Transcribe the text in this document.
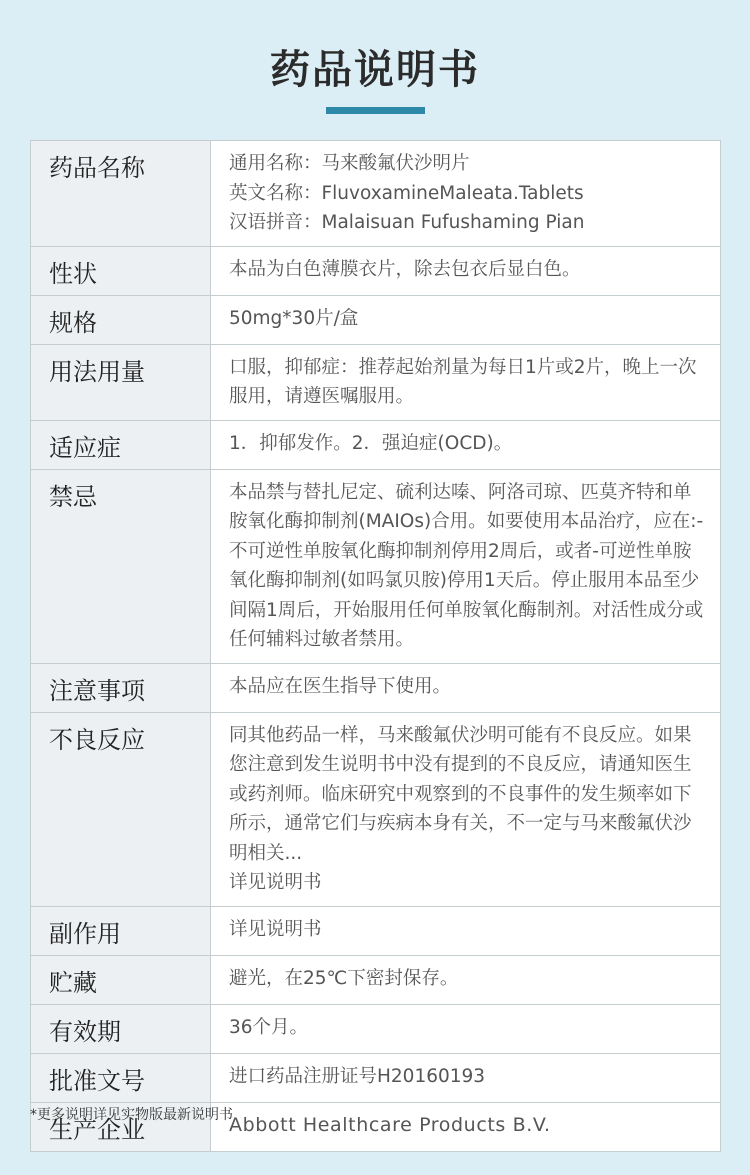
药品说明书
药品名称	通用名称：马来酸氟伏沙明片
英文名称：FluvoxamineMaleata.Tablets
汉语拼音：Malaisuan Fufushaming Pian

性状	本品为白色薄膜衣片，除去包衣后显白色。
规格	50mg*30片/盒
用法用量	口服，抑郁症：推荐起始剂量为每日1片或2片，晚上一次服用，请遵医嘱服用。
适应症	1．抑郁发作。2．强迫症(OCD)。
禁忌	本品禁与替扎尼定、硫利达嗪、阿洛司琼、匹莫齐特和单胺氧化酶抑制剂(MAIOs)合用。如要使用本品治疗，应在:-不可逆性单胺氧化酶抑制剂停用2周后，或者-可逆性单胺氧化酶抑制剂(如吗氯贝胺)停用1天后。停止服用本品至少间隔1周后，开始服用任何单胺氧化酶制剂。对活性成分或任何辅料过敏者禁用。
注意事项	本品应在医生指导下使用。
不良反应	同其他药品一样，马来酸氟伏沙明可能有不良反应。如果您注意到发生说明书中没有提到的不良反应，请通知医生或药剂师。临床研究中观察到的不良事件的发生频率如下所示，通常它们与疾病本身有关，不一定与马来酸氟伏沙明相关...
详见说明书

副作用	详见说明书
贮藏	避光，在25℃下密封保存。
有效期	36个月。
批准文号	进口药品注册证号H20160193
生产企业	Abbott Healthcare Products B.V.

*更多说明详见实物版最新说明书
